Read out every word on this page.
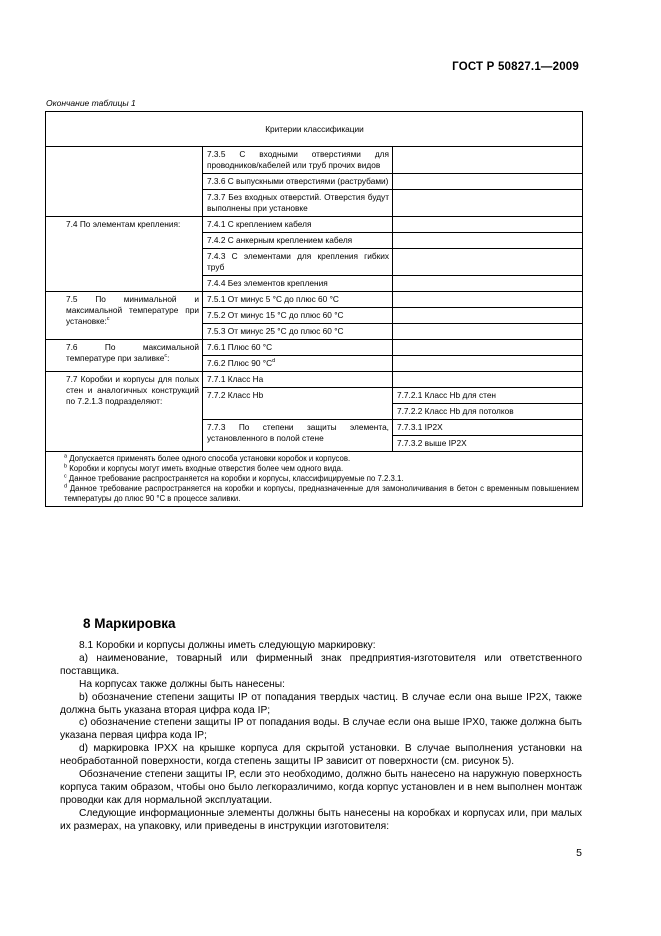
ГОСТ Р 50827.1—2009
Окончание таблицы 1
Критерии классификации		
	7.3.5 С входными отверстиями для проводников/кабелей или труб прочих видов	
	7.3.6 С выпускными отверстиями (раструбами)	
	7.3.7 Без входных отверстий. Отверстия будут выполнены при установке	
7.4 По элементам крепления:	7.4.1 С креплением кабеля	
	7.4.2 С анкерным креплением кабеля	
	7.4.3 С элементами для крепления гибких труб	
	7.4.4 Без элементов крепления	
7.5 По минимальной и максимальной температуре при установке:$^c$	7.5.1 От минус 5 °С до плюс 60 °С	
	7.5.2 От минус 15 °С до плюс 60 °С	
	7.5.3 От минус 25 °С до плюс 60 °С	
7.6 По максимальной температуре при заливке$^c$:	7.6.1 Плюс 60 °С	
	7.6.2 Плюс 90 $^\circ С^d$	
7.7 Коробки и корпусы для полых стен и аналогичных конструкций по 7.2.1.3 подразделяют:	7.7.1 Класс На	
	7.7.2 Класс Hb	7.7.2.1 Класс Hb для стен
		7.7.2.2 Класс Hb для потолков
	7.7.3 По степени защиты элемента, установленного в полой стене	7.7.3.1 IP2X
		7.7.3.2 выше IP2X

$^а$ Допускается применять более одного способа установки коробок и корпусов.

$^b$ Коробки и корпусы могут иметь входные отверстия более чем одного вида.

$^с$ Данное требование распространяется на коробки и корпусы, классифицируемые по 7.2.3.1.

$^d$ Данное требование распространяется на коробки и корпусы, предназначенные для замоноличивания в бетон с временным повышением температуры до плюс 90 °С в процессе заливки.		

8 Маркировка

8.1 Коробки и корпусы должны иметь следующую маркировку:

а) наименование, товарный или фирменный знак предприятия-изготовителя или ответственного поставщика.

На корпусах также должны быть нанесены:

b) обозначение степени защиты IP от попадания твердых частиц. В случае если она выше IP2X, также должна быть указана вторая цифра кода IP;

с) обозначение степени защиты IP от попадания воды. В случае если она выше IPX0, также должна быть указана первая цифра кода IP;

d) маркировка IPXX на крышке корпуса для скрытой установки. В случае выполнения установки на необработанной поверхности, когда степень защиты IP зависит от поверхности (см. рисунок 5).

Обозначение степени защиты IP, если это необходимо, должно быть нанесено на наружную поверхность корпуса таким образом, чтобы оно было легкоразличимо, когда корпус установлен и в нем выполнен монтаж проводки как для нормальной эксплуатации.

Следующие информационные элементы должны быть нанесены на коробках и корпусах или, при малых их размерах, на упаковку, или приведены в инструкции изготовителя:

5
